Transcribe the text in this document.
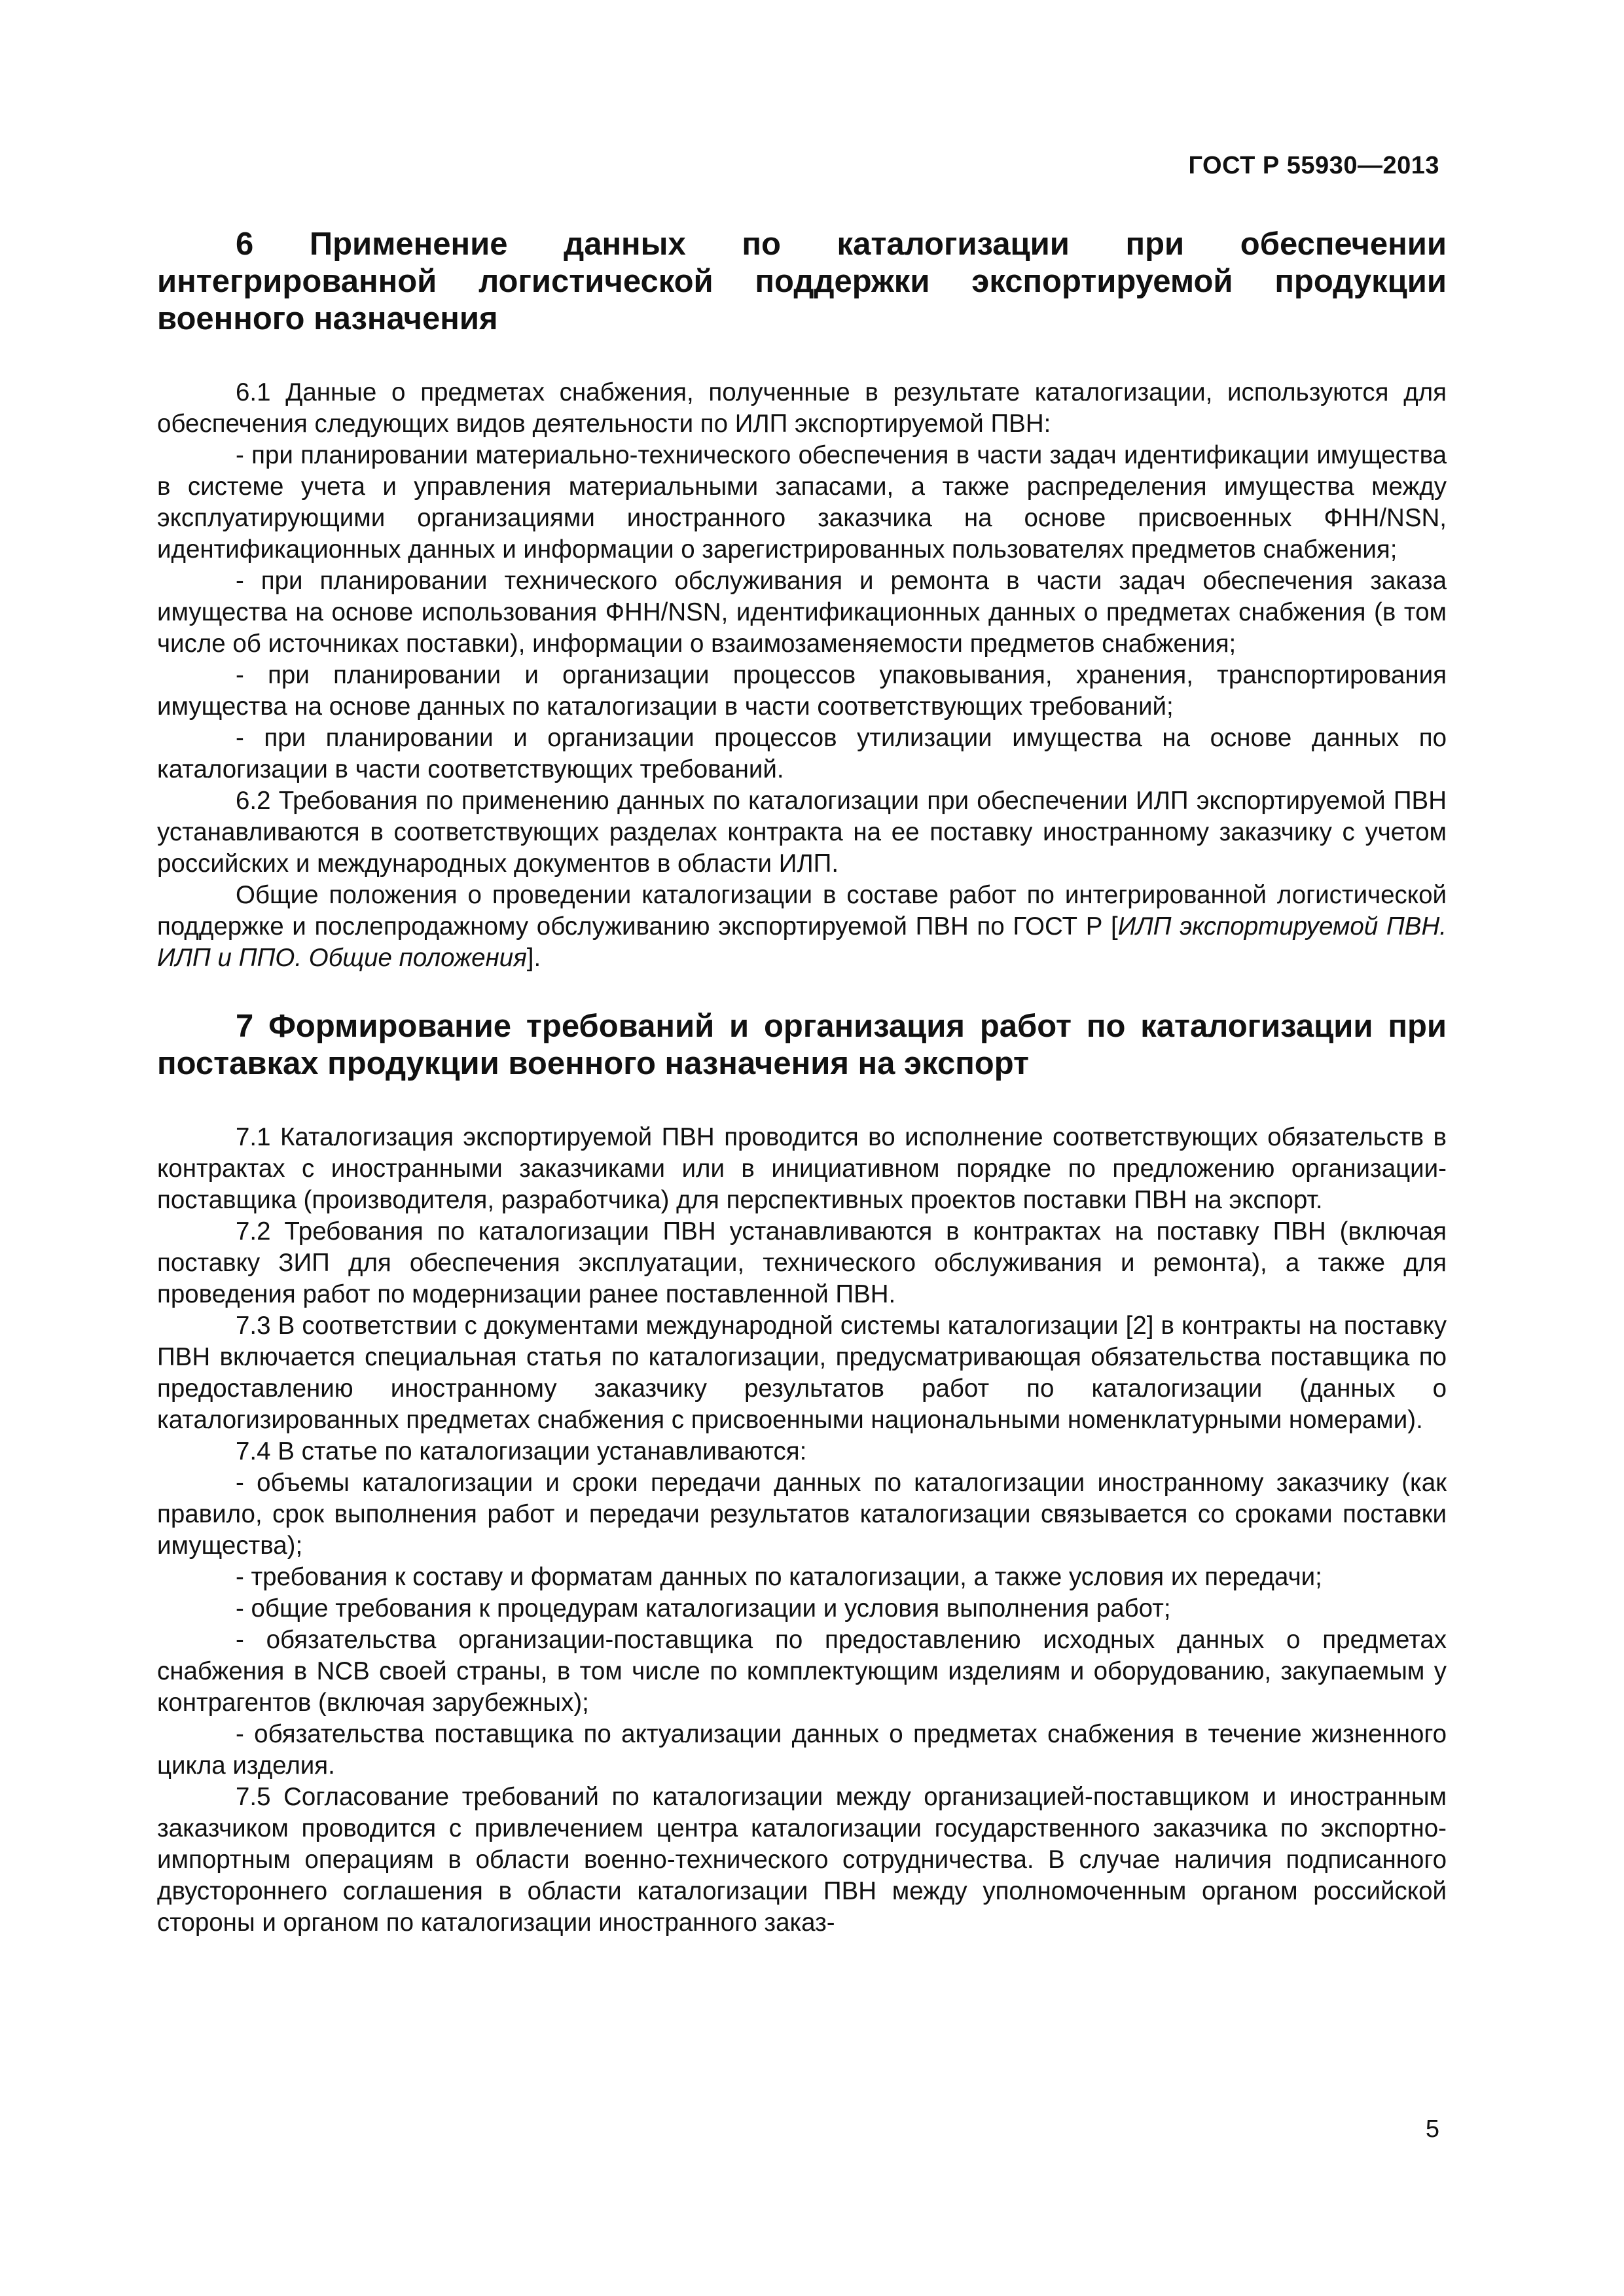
ГОСТ Р 55930—2013
6 Применение данных по каталогизации при обеспечении интегрированной логистической поддержки экспортируемой продукции военного назначения

6.1 Данные о предметах снабжения, полученные в результате каталогизации, используются для обеспечения следующих видов деятельности по ИЛП экспортируемой ПВН:

- при планировании материально-технического обеспечения в части задач идентификации имущества в системе учета и управления материальными запасами, а также распределения имущества между эксплуатирующими организациями иностранного заказчика на основе присвоенных ФНН/NSN, идентификационных данных и информации о зарегистрированных пользователях предметов снабжения;

- при планировании технического обслуживания и ремонта в части задач обеспечения заказа имущества на основе использования ФНН/NSN, идентификационных данных о предметах снабжения (в том числе об источниках поставки), информации о взаимозаменяемости предметов снабжения;

- при планировании и организации процессов упаковывания, хранения, транспортирования имущества на основе данных по каталогизации в части соответствующих требований;

- при планировании и организации процессов утилизации имущества на основе данных по каталогизации в части соответствующих требований.

6.2 Требования по применению данных по каталогизации при обеспечении ИЛП экспортируемой ПВН устанавливаются в соответствующих разделах контракта на ее поставку иностранному заказчику с учетом российских и международных документов в области ИЛП.

Общие положения о проведении каталогизации в составе работ по интегрированной логистической поддержке и послепродажному обслуживанию экспортируемой ПВН по ГОСТ Р [ИЛП экспортируемой ПВН. ИЛП и ППО. Общие положения].

7 Формирование требований и организация работ по каталогизации при поставках продукции военного назначения на экспорт

7.1 Каталогизация экспортируемой ПВН проводится во исполнение соответствующих обязательств в контрактах с иностранными заказчиками или в инициативном порядке по предложению организации-поставщика (производителя, разработчика) для перспективных проектов поставки ПВН на экспорт.

7.2 Требования по каталогизации ПВН устанавливаются в контрактах на поставку ПВН (включая поставку ЗИП для обеспечения эксплуатации, технического обслуживания и ремонта), а также для проведения работ по модернизации ранее поставленной ПВН.

7.3 В соответствии с документами международной системы каталогизации [2] в контракты на поставку ПВН включается специальная статья по каталогизации, предусматривающая обязательства поставщика по предоставлению иностранному заказчику результатов работ по каталогизации (данных о каталогизированных предметах снабжения с присвоенными национальными номенклатурными номерами).

7.4 В статье по каталогизации устанавливаются:

- объемы каталогизации и сроки передачи данных по каталогизации иностранному заказчику (как правило, срок выполнения работ и передачи результатов каталогизации связывается со сроками поставки имущества);

- требования к составу и форматам данных по каталогизации, а также условия их передачи;

- общие требования к процедурам каталогизации и условия выполнения работ;

- обязательства организации-поставщика по предоставлению исходных данных о предметах снабжения в NCB своей страны, в том числе по комплектующим изделиям и оборудованию, закупаемым у контрагентов (включая зарубежных);

- обязательства поставщика по актуализации данных о предметах снабжения в течение жизненного цикла изделия.

7.5 Согласование требований по каталогизации между организацией-поставщиком и иностранным заказчиком проводится с привлечением центра каталогизации государственного заказчика по экспортно-импортным операциям в области военно-технического сотрудничества. В случае наличия подписанного двустороннего соглашения в области каталогизации ПВН между уполномоченным органом российской стороны и органом по каталогизации иностранного заказ-

5
